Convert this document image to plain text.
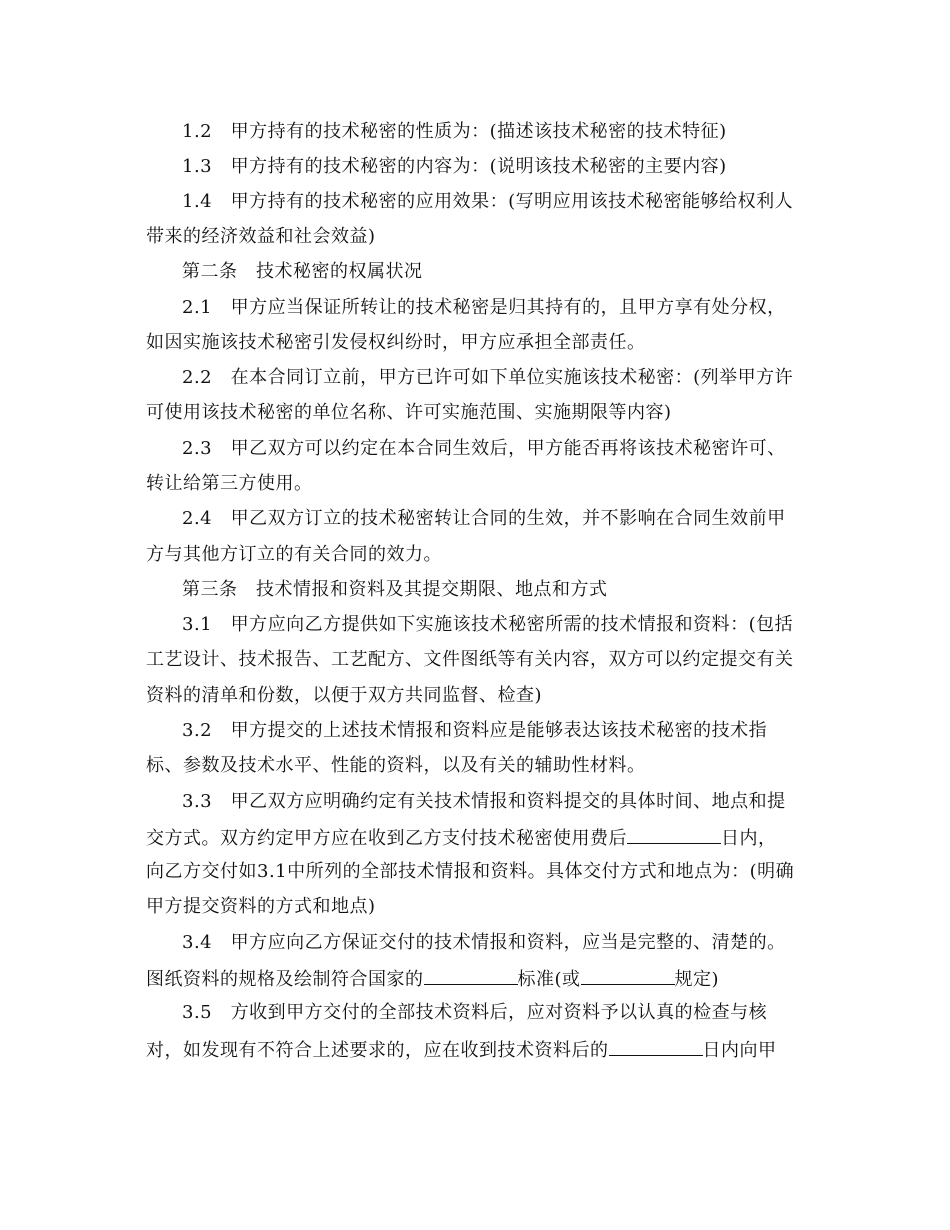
1.2　甲方持有的技术秘密的性质为：(描述该技术秘密的技术特征)
1.3　甲方持有的技术秘密的内容为：(说明该技术秘密的主要内容)
1.4　甲方持有的技术秘密的应用效果：(写明应用该技术秘密能够给权利人
带来的经济效益和社会效益)
第二条　技术秘密的权属状况
2.1　甲方应当保证所转让的技术秘密是归其持有的，且甲方享有处分权，
如因实施该技术秘密引发侵权纠纷时，甲方应承担全部责任。
2.2　在本合同订立前，甲方已许可如下单位实施该技术秘密：(列举甲方许
可使用该技术秘密的单位名称、许可实施范围、实施期限等内容)
2.3　甲乙双方可以约定在本合同生效后，甲方能否再将该技术秘密许可、
转让给第三方使用。
2.4　甲乙双方订立的技术秘密转让合同的生效，并不影响在合同生效前甲
方与其他方订立的有关合同的效力。
第三条　技术情报和资料及其提交期限、地点和方式
3.1　甲方应向乙方提供如下实施该技术秘密所需的技术情报和资料：(包括
工艺设计、技术报告、工艺配方、文件图纸等有关内容，双方可以约定提交有关
资料的清单和份数，以便于双方共同监督、检查)
3.2　甲方提交的上述技术情报和资料应是能够表达该技术秘密的技术指
标、参数及技术水平、性能的资料，以及有关的辅助性材料。
3.3　甲乙双方应明确约定有关技术情报和资料提交的具体时间、地点和提
交方式。双方约定甲方应在收到乙方支付技术秘密使用费后	日内，
向乙方交付如3.1中所列的全部技术情报和资料。具体交付方式和地点为：(明确
甲方提交资料的方式和地点)
3.4　甲方应向乙方保证交付的技术情报和资料，应当是完整的、清楚的。
图纸资料的规格及绘制符合国家的	标准(或	规定)
3.5　方收到甲方交付的全部技术资料后，应对资料予以认真的检查与核
对，如发现有不符合上述要求的，应在收到技术资料后的	日内向甲
